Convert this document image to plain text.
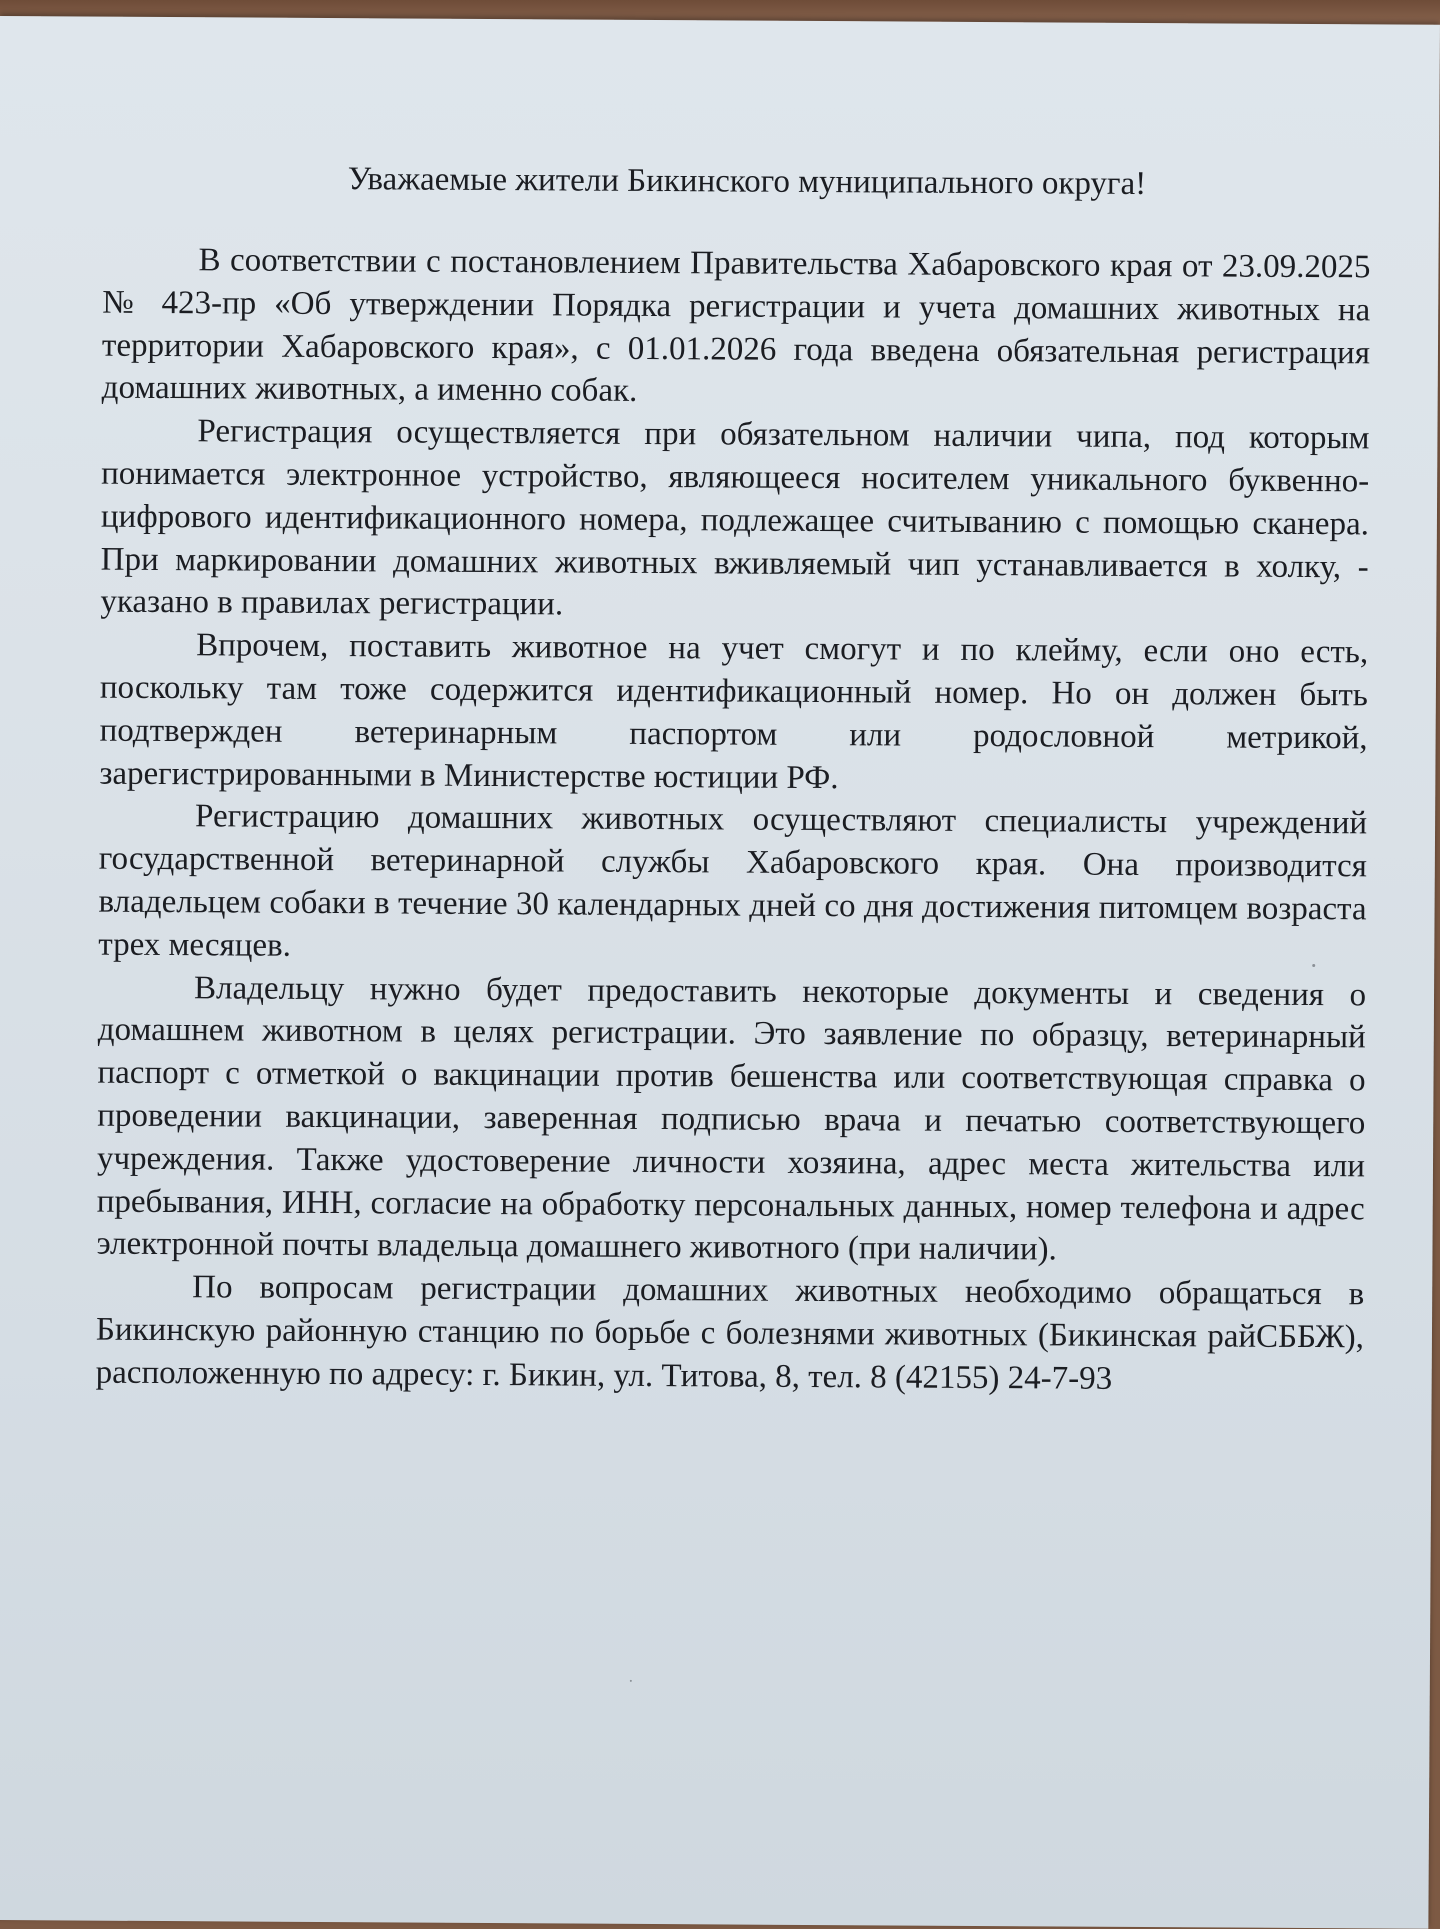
Уважаемые жители Бикинского муниципального округа!

В соответствии с постановлением Правительства Хабаровского края от 23.09.2025 № 423-пр «Об утверждении Порядка регистрации и учета домашних животных на территории Хабаровского края», с 01.01.2026 года введена обязательная регистрация домашних животных, а именно собак.

Регистрация осуществляется при обязательном наличии чипа, под которым понимается электронное устройство, являющееся носителем уникального буквенно-цифрового идентификационного номера, подлежащее считыванию с помощью сканера. При маркировании домашних животных вживляемый чип устанавливается в холку, - указано в правилах регистрации.

Впрочем, поставить животное на учет смогут и по клейму, если оно есть, поскольку там тоже содержится идентификационный номер. Но он должен быть подтвержден ветеринарным паспортом или родословной метрикой, зарегистрированными в Министерстве юстиции РФ.

Регистрацию домашних животных осуществляют специалисты учреждений государственной ветеринарной службы Хабаровского края. Она производится владельцем собаки в течение 30 календарных дней со дня достижения питомцем возраста трех месяцев.

Владельцу нужно будет предоставить некоторые документы и сведения о домашнем животном в целях регистрации. Это заявление по образцу, ветеринарный паспорт с отметкой о вакцинации против бешенства или соответствующая справка о проведении вакцинации, заверенная подписью врача и печатью соответствующего учреждения. Также удостоверение личности хозяина, адрес места жительства или пребывания, ИНН, согласие на обработку персональных данных, номер телефона и адрес электронной почты владельца домашнего животного (при наличии).

По вопросам регистрации домашних животных необходимо обращаться в Бикинскую районную станцию по борьбе с болезнями животных (Бикинская райСББЖ), расположенную по адресу: г. Бикин, ул. Титова, 8, тел. 8 (42155) 24-7-93
